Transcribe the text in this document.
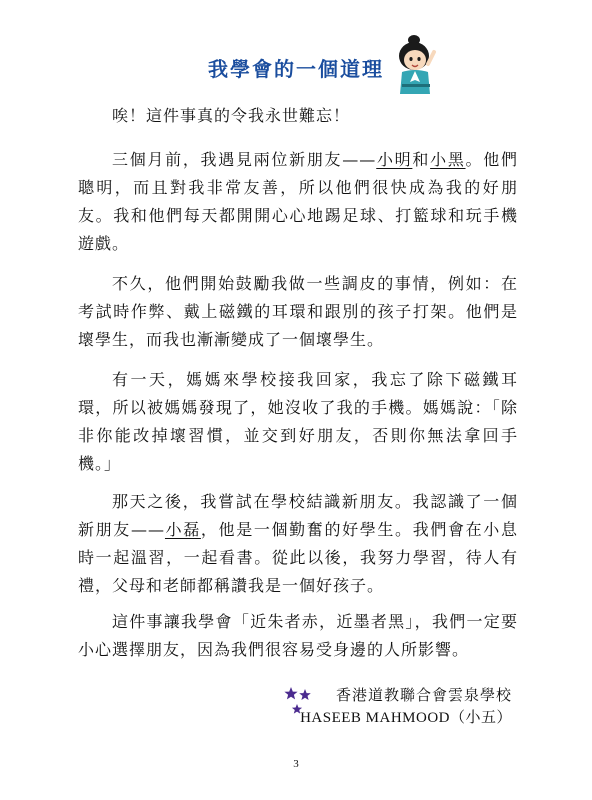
我學會的一個道理
唉！這件事真的令我永世難忘！
三個月前，我遇見兩位新朋友——小明和小黑。他們聰明，而且對我非常友善，所以他們很快成為我的好朋友。我和他們每天都開開心心地踢足球、打籃球和玩手機遊戲。
不久，他們開始鼓勵我做一些調皮的事情，例如：在考試時作弊、戴上磁鐵的耳環和跟別的孩子打架。他們是壞學生，而我也漸漸變成了一個壞學生。
有一天，媽媽來學校接我回家，我忘了除下磁鐵耳環，所以被媽媽發現了，她沒收了我的手機。媽媽說：「除非你能改掉壞習慣，並交到好朋友，否則你無法拿回手機。」
那天之後，我嘗試在學校結識新朋友。我認識了一個新朋友——小磊，他是一個勤奮的好學生。我們會在小息時一起溫習，一起看書。從此以後，我努力學習，待人有禮，父母和老師都稱讚我是一個好孩子。
這件事讓我學會「近朱者赤，近墨者黑」，我們一定要小心選擇朋友，因為我們很容易受身邊的人所影響。
香港道教聯合會雲泉學校
HASEEB MAHMOOD（小五）
3
